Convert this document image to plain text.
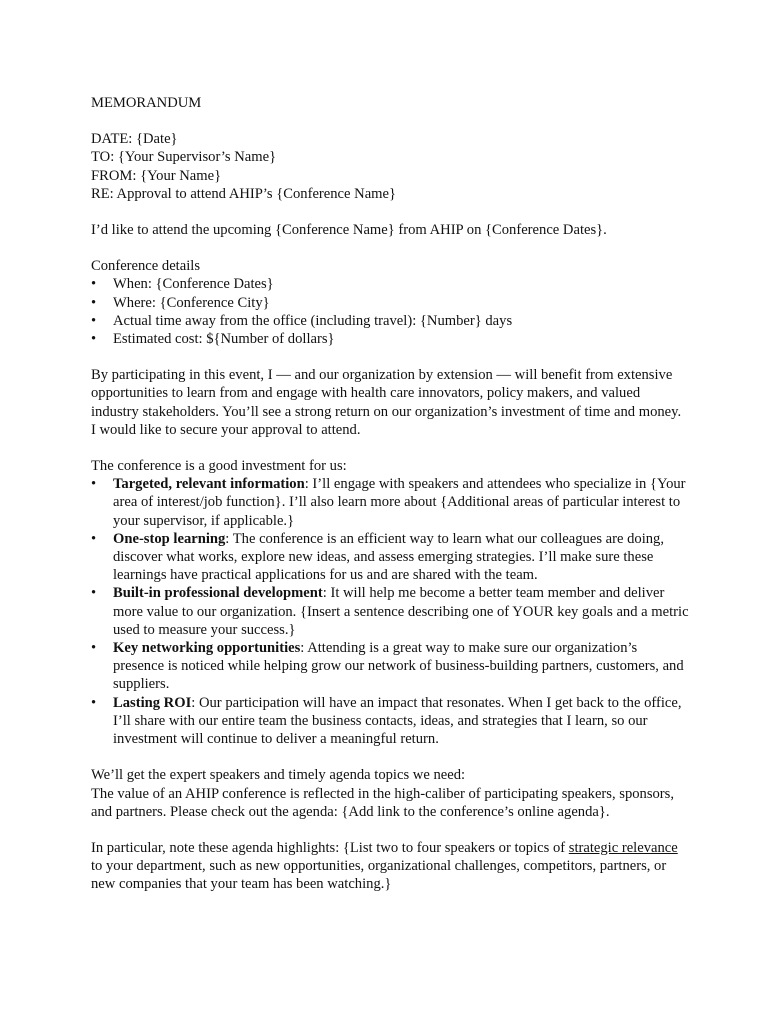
MEMORANDUM

DATE: {Date}

TO: {Your Supervisor’s Name}

FROM: {Your Name}

RE: Approval to attend AHIP’s {Conference Name}

I’d like to attend the upcoming {Conference Name} from AHIP on {Conference Dates}.

Conference details

•	When: {Conference Dates}
•	Where: {Conference City}
•	Actual time away from the office (including travel): {Number} days
•	Estimated cost: ${Number of dollars}

By participating in this event, I — and our organization by extension — will benefit from extensive opportunities to learn from and engage with health care innovators, policy makers, and valued industry stakeholders. You’ll see a strong return on our organization’s investment of time and money. I would like to secure your approval to attend.

The conference is a good investment for us:

•	Targeted, relevant information: I’ll engage with speakers and attendees who specialize in {Your area of interest/job function}. I’ll also learn more about {Additional areas of particular interest to your supervisor, if applicable.}
•	One-stop learning: The conference is an efficient way to learn what our colleagues are doing, discover what works, explore new ideas, and assess emerging strategies. I’ll make sure these learnings have practical applications for us and are shared with the team.
•	Built-in professional development: It will help me become a better team member and deliver more value to our organization. {Insert a sentence describing one of YOUR key goals and a metric used to measure your success.}
•	Key networking opportunities: Attending is a great way to make sure our organization’s presence is noticed while helping grow our network of business-building partners, customers, and suppliers.
•	Lasting ROI: Our participation will have an impact that resonates. When I get back to the office, I’ll share with our entire team the business contacts, ideas, and strategies that I learn, so our investment will continue to deliver a meaningful return.

We’ll get the expert speakers and timely agenda topics we need:

The value of an AHIP conference is reflected in the high-caliber of participating speakers, sponsors, and partners. Please check out the agenda: {Add link to the conference’s online agenda}.

In particular, note these agenda highlights: {List two to four speakers or topics of strategic relevance to your department, such as new opportunities, organizational challenges, competitors, partners, or new companies that your team has been watching.}
